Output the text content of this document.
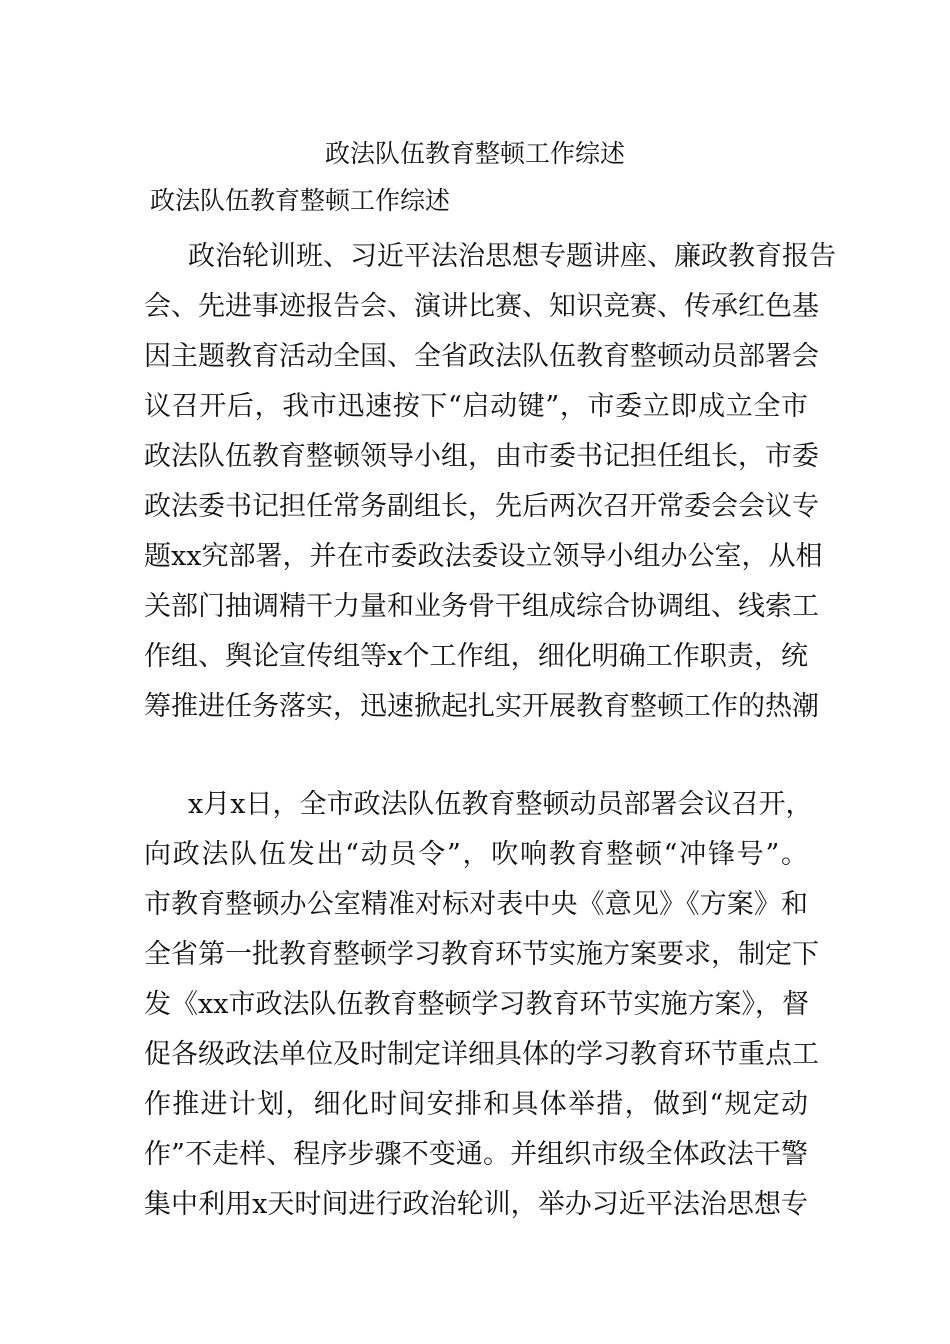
政法队伍教育整顿工作综述
政法队伍教育整顿工作综述
政治轮训班、习近平法治思想专题讲座、廉政教育报告
会、先进事迹报告会、演讲比赛、知识竞赛、传承红色基
因主题教育活动全国、全省政法队伍教育整顿动员部署会
议召开后，我市迅速按下“启动键”，市委立即成立全市
政法队伍教育整顿领导小组，由市委书记担任组长，市委
政法委书记担任常务副组长，先后两次召开常委会会议专
题xx究部署，并在市委政法委设立领导小组办公室，从相
关部门抽调精干力量和业务骨干组成综合协调组、线索工
作组、舆论宣传组等x个工作组，细化明确工作职责，统
筹推进任务落实，迅速掀起扎实开展教育整顿工作的热潮
x月x日，全市政法队伍教育整顿动员部署会议召开，
向政法队伍发出“动员令”，吹响教育整顿“冲锋号”。
市教育整顿办公室精准对标对表中央《意见》《方案》和
全省第一批教育整顿学习教育环节实施方案要求，制定下
发《xx市政法队伍教育整顿学习教育环节实施方案》，督
促各级政法单位及时制定详细具体的学习教育环节重点工
作推进计划，细化时间安排和具体举措，做到“规定动
作”不走样、程序步骤不变通。并组织市级全体政法干警
集中利用x天时间进行政治轮训，举办习近平法治思想专
